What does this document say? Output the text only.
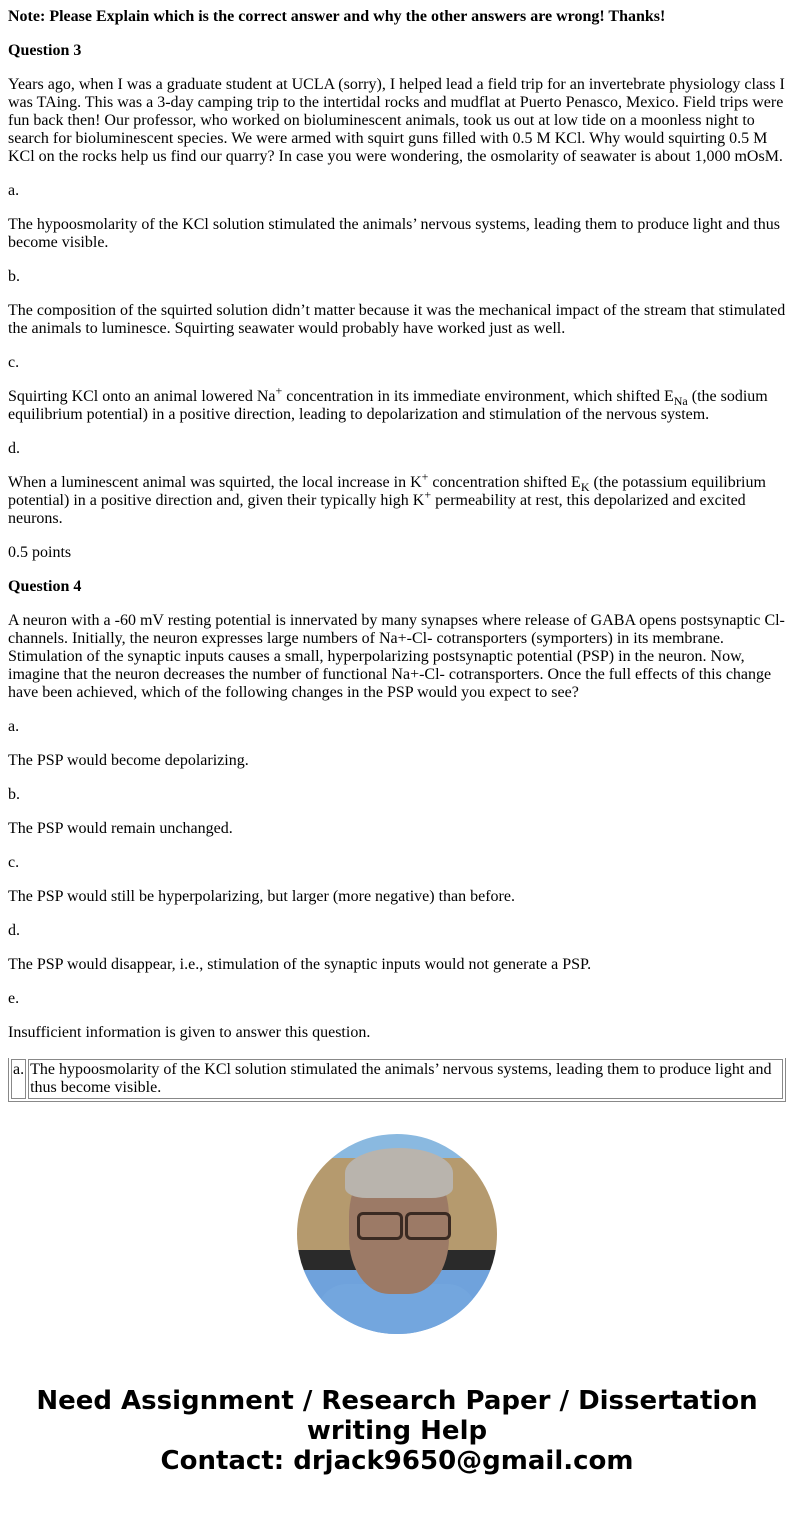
Note: Please Explain which is the correct answer and why the other answers are wrong! Thanks!

Question 3

Years ago, when I was a graduate student at UCLA (sorry), I helped lead a field trip for an invertebrate physiology class I was TAing. This was a 3-day camping trip to the intertidal rocks and mudflat at Puerto Penasco, Mexico. Field trips were fun back then! Our professor, who worked on bioluminescent animals, took us out at low tide on a moonless night to search for bioluminescent species. We were armed with squirt guns filled with 0.5 M KCl. Why would squirting 0.5 M KCl on the rocks help us find our quarry? In case you were wondering, the osmolarity of seawater is about 1,000 mOsM.

a.

The hypoosmolarity of the KCl solution stimulated the animals’ nervous systems, leading them to produce light and thus become visible.

b.

The composition of the squirted solution didn’t matter because it was the mechanical impact of the stream that stimulated the animals to luminesce. Squirting seawater would probably have worked just as well.

c.

Squirting KCl onto an animal lowered Na+ concentration in its immediate environment, which shifted $E_{Na}$ (the sodium equilibrium potential) in a positive direction, leading to depolarization and stimulation of the nervous system.

d.

When a luminescent animal was squirted, the local increase in K+ concentration shifted $E_K$ (the potassium equilibrium potential) in a positive direction and, given their typically high K+ permeability at rest, this depolarized and excited neurons.

0.5 points

Question 4

A neuron with a -60 mV resting potential is innervated by many synapses where release of GABA opens postsynaptic Cl- channels. Initially, the neuron expresses large numbers of Na+-Cl- cotransporters (symporters) in its membrane. Stimulation of the synaptic inputs causes a small, hyperpolarizing postsynaptic potential (PSP) in the neuron. Now, imagine that the neuron decreases the number of functional Na+-Cl- cotransporters. Once the full effects of this change have been achieved, which of the following changes in the PSP would you expect to see?

a.

The PSP would become depolarizing.

b.

The PSP would remain unchanged.

c.

The PSP would still be hyperpolarizing, but larger (more negative) than before.

d.

The PSP would disappear, i.e., stimulation of the synaptic inputs would not generate a PSP.

e.

Insufficient information is given to answer this question.

a.	The hypoosmolarity of the KCl solution stimulated the animals’ nervous systems, leading them to produce light and thus become visible.
Need Assignment / Research Paper / Dissertation writing Help
Contact: drjack9650@gmail.com
